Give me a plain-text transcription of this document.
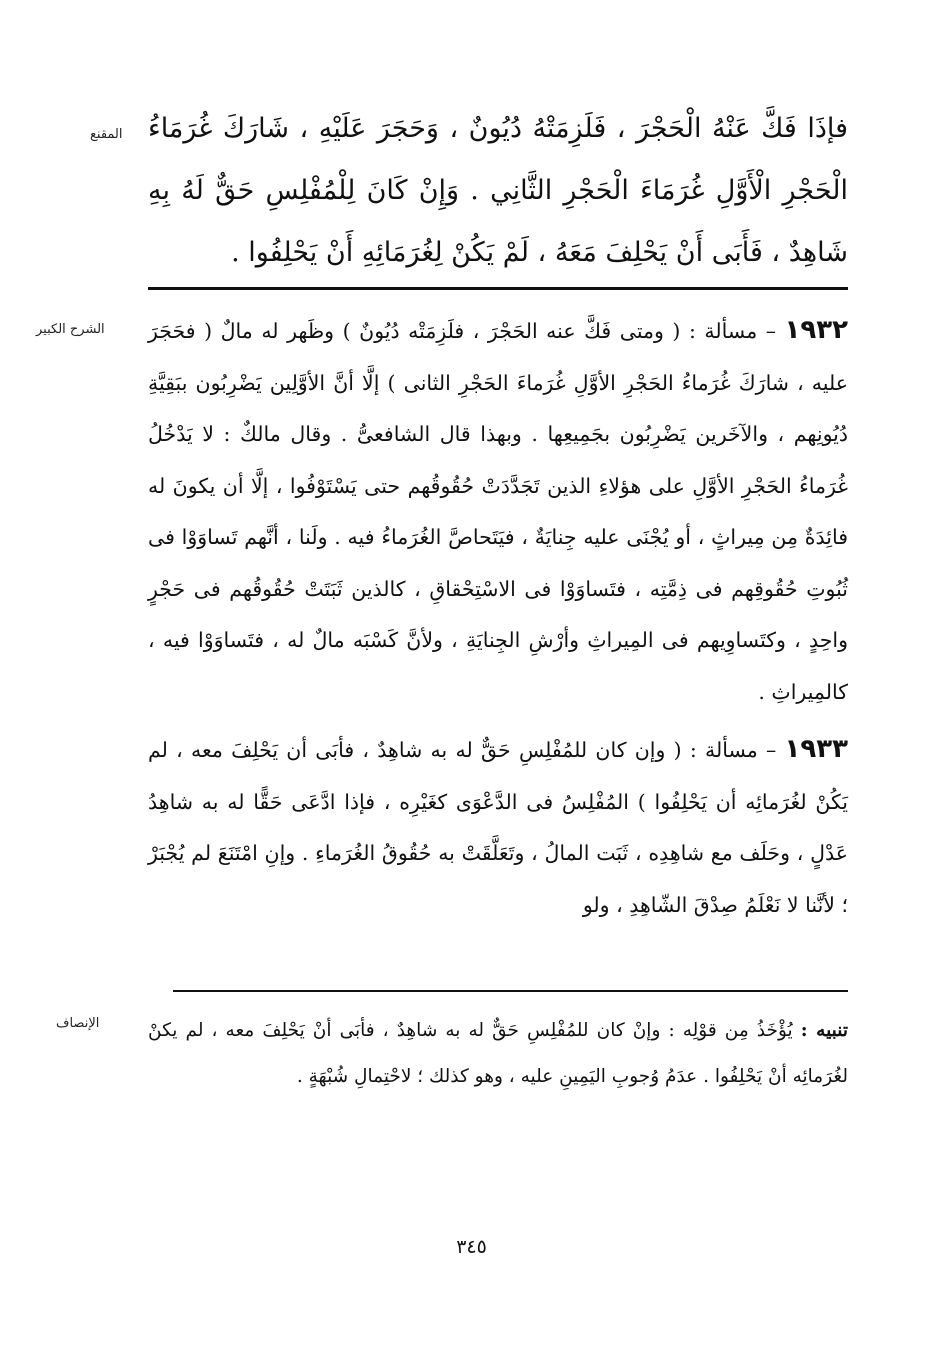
المقنع
الشرح الكبير
الإنصاف

فإذَا فَكَّ عَنْهُ الْحَجْرَ ، فَلَزِمَتْهُ دُيُونٌ ، وَحَجَرَ عَلَيْهِ ، شَارَكَ غُرَمَاءُ الْحَجْرِ الْأَوَّلِ غُرَمَاءَ الْحَجْرِ الثَّانِي . وَإِنْ كَانَ لِلْمُفْلِسِ حَقٌّ لَهُ بِهِ شَاهِدٌ ، فَأَبَى أَنْ يَحْلِفَ مَعَهُ ، لَمْ يَكُنْ لِغُرَمَائِهِ أَنْ يَحْلِفُوا .

١٩٣٢ – مسألة : ( ومتى فَكَّ عنه الحَجْرَ ، فلَزِمَتْه دُيُونٌ ) وظَهر له مالٌ ( فحَجَرَ عليه ، شارَكَ غُرَماءُ الحَجْرِ الأوَّلِ غُرَماءَ الحَجْرِ الثانى ) إلَّا أنَّ الأوَّلِين يَضْرِبُون ببَقِيَّةِ دُيُونِهم ، والآخَرين يَضْرِبُون بجَمِيعِها . وبهذا قال الشافعىُّ . وقال مالكٌ : لا يَدْخُلُ غُرَماءُ الحَجْرِ الأوَّلِ على هؤلاءِ الذين تَجَدَّدَتْ حُقُوقُهم حتى يَسْتَوْفُوا ، إلَّا أن يكونَ له فائِدَةٌ مِن مِيراثٍ ، أو يُجْنَى عليه جِنايَةٌ ، فيَتَحاصَّ الغُرَماءُ فيه . ولَنا ، أنَّهم تَساوَوْا فى ثُبُوتِ حُقُوقِهم فى ذِمَّتِه ، فتَساوَوْا فى الاسْتِحْقاقِ ، كالذين ثَبَتَتْ حُقُوقُهم فى حَجْرٍ واحِدٍ ، وكتَساوِيهم فى المِيراثِ وأرْشِ الجِنايَةِ ، ولأنَّ كَسْبَه مالٌ له ، فتَساوَوْا فيه ، كالمِيراثِ .

١٩٣٣ – مسألة : ( وإن كان للمُفْلِسِ حَقٌّ له به شاهِدٌ ، فأبَى أن يَحْلِفَ معه ، لم يَكُنْ لغُرَمائِه أن يَحْلِفُوا ) المُفْلِسُ فى الدَّعْوَى كغَيْرِه ، فإذا ادَّعَى حَقًّا له به شاهِدُ عَدْلٍ ، وحَلَف مع شاهِدِه ، ثَبَت المالُ ، وتَعَلَّقَتْ به حُقُوقُ الغُرَماءِ . وإنِ امْتَنَعَ لم يُجْبَرْ ؛ لأنَّنا لا نَعْلَمُ صِدْقَ الشّاهِدِ ، ولو

تنبيه : يُؤْخَذُ مِن قوْلِه : وإنْ كان للمُفْلِسِ حَقٌّ له به شاهِدٌ ، فأبَى أنْ يَحْلِفَ معه ، لم يكنْ لغُرَمائِه أنْ يَحْلِفُوا . عدَمُ وُجوبِ اليَمِينِ عليه ، وهو كذلك ؛ لاحْتِمالِ شُبْهَةٍ .

٣٤٥
